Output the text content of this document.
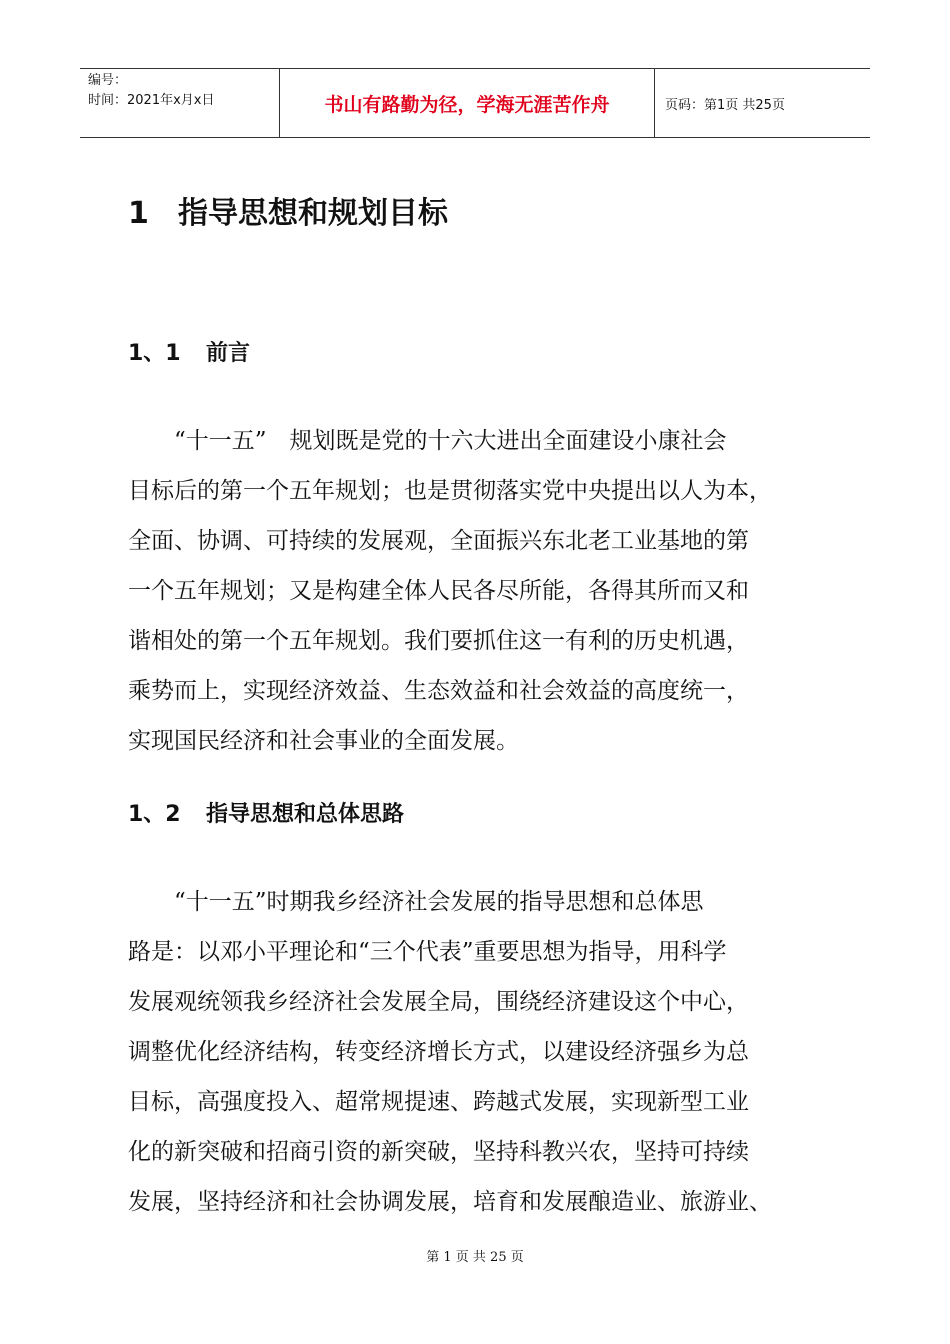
编号：
时间：2021年x月x日	书山有路勤为径，学海无涯苦作舟	页码：第1页 共25页
1 指导思想和规划目标
1、1 前言
　　“十一五”　规划既是党的十六大进出全面建设小康社会
目标后的第一个五年规划；也是贯彻落实党中央提出以人为本，
全面、协调、可持续的发展观，全面振兴东北老工业基地的第
一个五年规划；又是构建全体人民各尽所能，各得其所而又和
谐相处的第一个五年规划。我们要抓住这一有利的历史机遇，
乘势而上，实现经济效益、生态效益和社会效益的高度统一，
实现国民经济和社会事业的全面发展。
1、2 指导思想和总体思路
　　“十一五”时期我乡经济社会发展的指导思想和总体思
路是：以邓小平理论和“三个代表”重要思想为指导，用科学
发展观统领我乡经济社会发展全局，围绕经济建设这个中心，
调整优化经济结构，转变经济增长方式，以建设经济强乡为总
目标，高强度投入、超常规提速、跨越式发展，实现新型工业
化的新突破和招商引资的新突破，坚持科教兴农，坚持可持续
发展，坚持经济和社会协调发展，培育和发展酿造业、旅游业、
第 1 页 共 25 页
